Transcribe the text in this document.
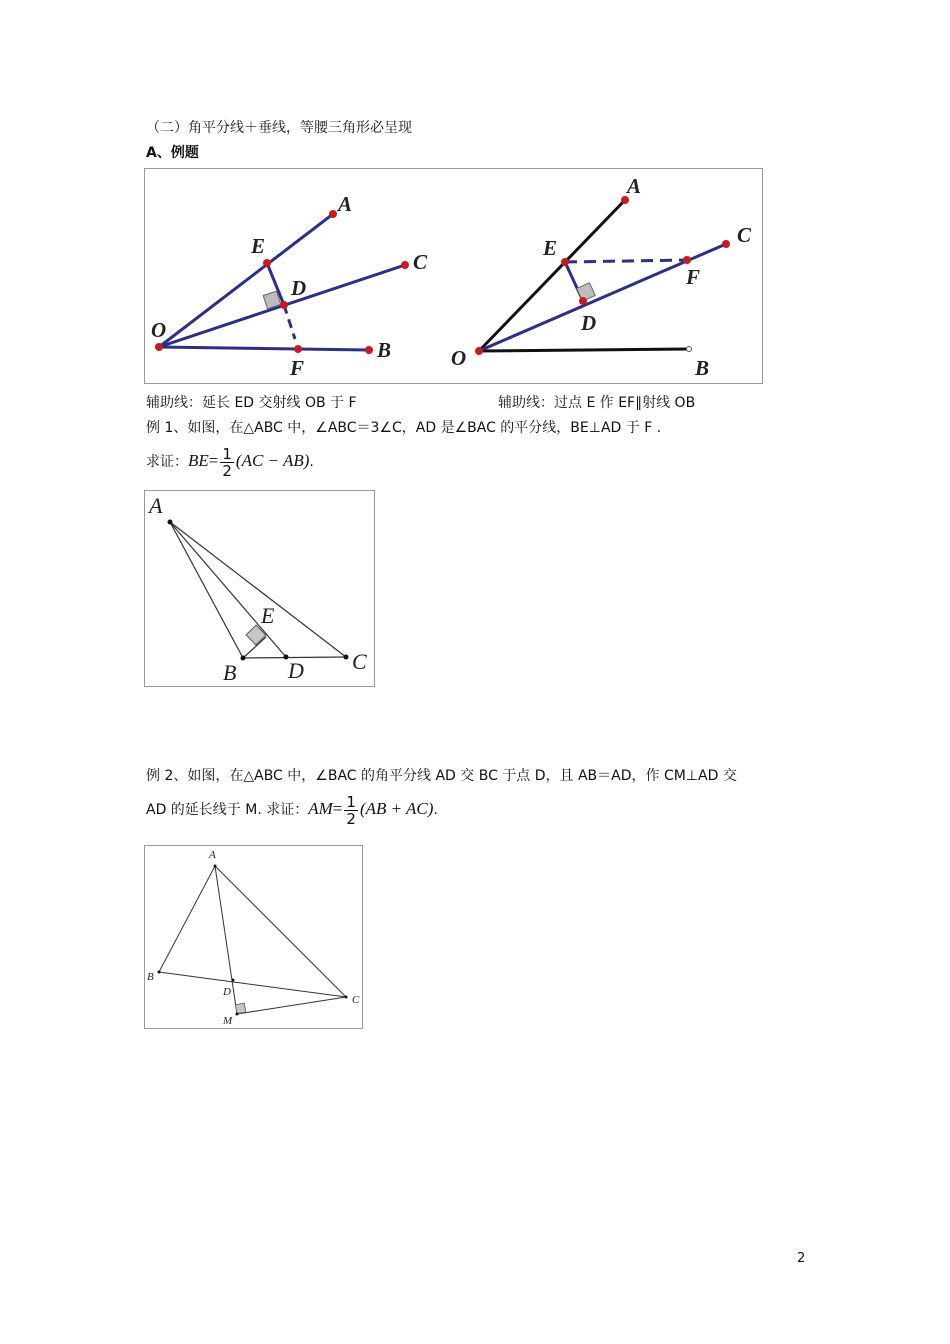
（二）角平分线＋垂线，等腰三角形必呈现
A、例题
A
E
C
D
O
F
B
A
E
C
F
D
O	B
辅助线：延长 ED 交射线 OB 于 F	辅助线：过点 E 作 EF∥射线 OB
例 1、如图，在△ABC 中，∠ABC＝3∠C，AD 是∠BAC 的平分线，BE⊥AD 于 F .
求证：$BE= \frac{1}{2} (AC - AB)$.
A
E
B D C
例 2、如图，在△ABC 中，∠BAC 的角平分线 AD 交 BC 于点 D，且 AB＝AD，作 CM⊥AD 交
AD 的延长线于 M. 求证：$AM= \frac{1}{2} (AB + AC)$.
A
B
D
C
M
2
